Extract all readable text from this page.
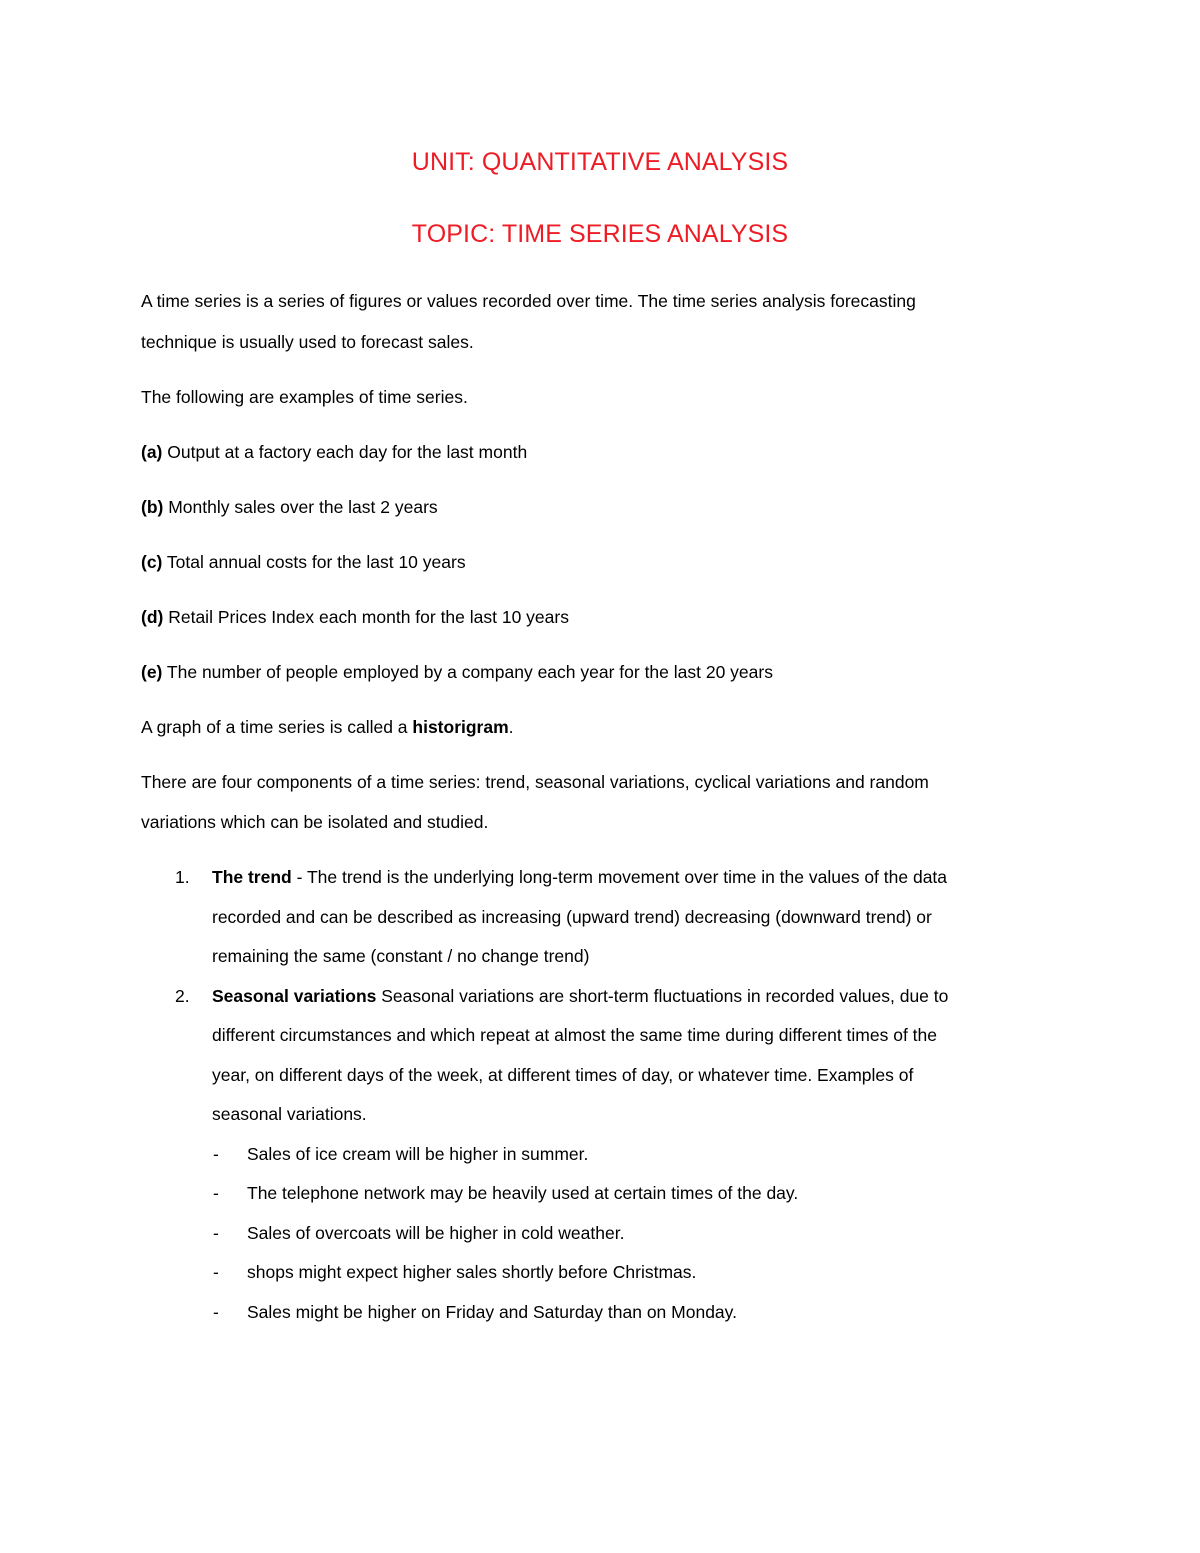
UNIT: QUANTITATIVE ANALYSIS
TOPIC: TIME SERIES ANALYSIS
A time series is a series of figures or values recorded over time. The time series analysis forecasting
technique is usually used to forecast sales.
The following are examples of time series.
(a) Output at a factory each day for the last month
(b) Monthly sales over the last 2 years
(c) Total annual costs for the last 10 years
(d) Retail Prices Index each month for the last 10 years
(e) The number of people employed by a company each year for the last 20 years
A graph of a time series is called a historigram.
There are four components of a time series: trend, seasonal variations, cyclical variations and random
variations which can be isolated and studied.
1. The trend - The trend is the underlying long-term movement over time in the values of the data
recorded and can be described as increasing (upward trend) decreasing (downward trend) or
remaining the same (constant / no change trend)
2. Seasonal variations Seasonal variations are short-term fluctuations in recorded values, due to
different circumstances and which repeat at almost the same time during different times of the
year, on different days of the week, at different times of day, or whatever time. Examples of
seasonal variations.
- Sales of ice cream will be higher in summer.
- The telephone network may be heavily used at certain times of the day.
- Sales of overcoats will be higher in cold weather.
- shops might expect higher sales shortly before Christmas.
- Sales might be higher on Friday and Saturday than on Monday.
